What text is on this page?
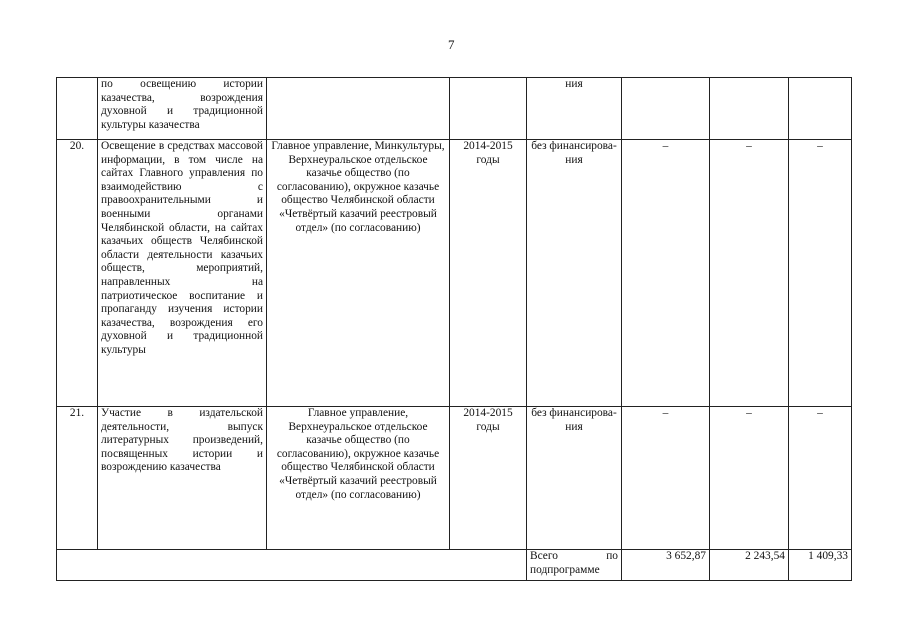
7
	по освещению истории казачества, возрождения духовной и традиционной культуры казачества			ния			
20.	Освещение в средствах массовой информации, в том числе на сайтах Главного управления по взаимодействию с правоохранительными и военными органами Челябинской области, на сайтах казачьих обществ Челябинской области деятельности казачьих обществ, мероприятий, направленных на патриотическое воспитание и пропаганду изучения истории казачества, возрождения его духовной и традиционной культуры	Главное управление, Минкультуры, Верхнеуральское отдельское казачье общество (по согласованию), окружное казачье общество Челябинской области «Четвёртый казачий реестровый отдел» (по согласованию)	2014-2015 годы	без финансирова-ния	–	–	–
21.	Участие в издательской деятельности, выпуск литературных произведений, посвященных истории и возрождению казачества	Главное управление, Верхнеуральское отдельское казачье общество (по согласованию), окружное казачье общество Челябинской области «Четвёртый казачий реестровый отдел» (по согласованию)	2014-2015 годы	без финансирова-ния	–	–	–
				Всего по подпрограмме	3 652,87	2 243,54	1 409,33
